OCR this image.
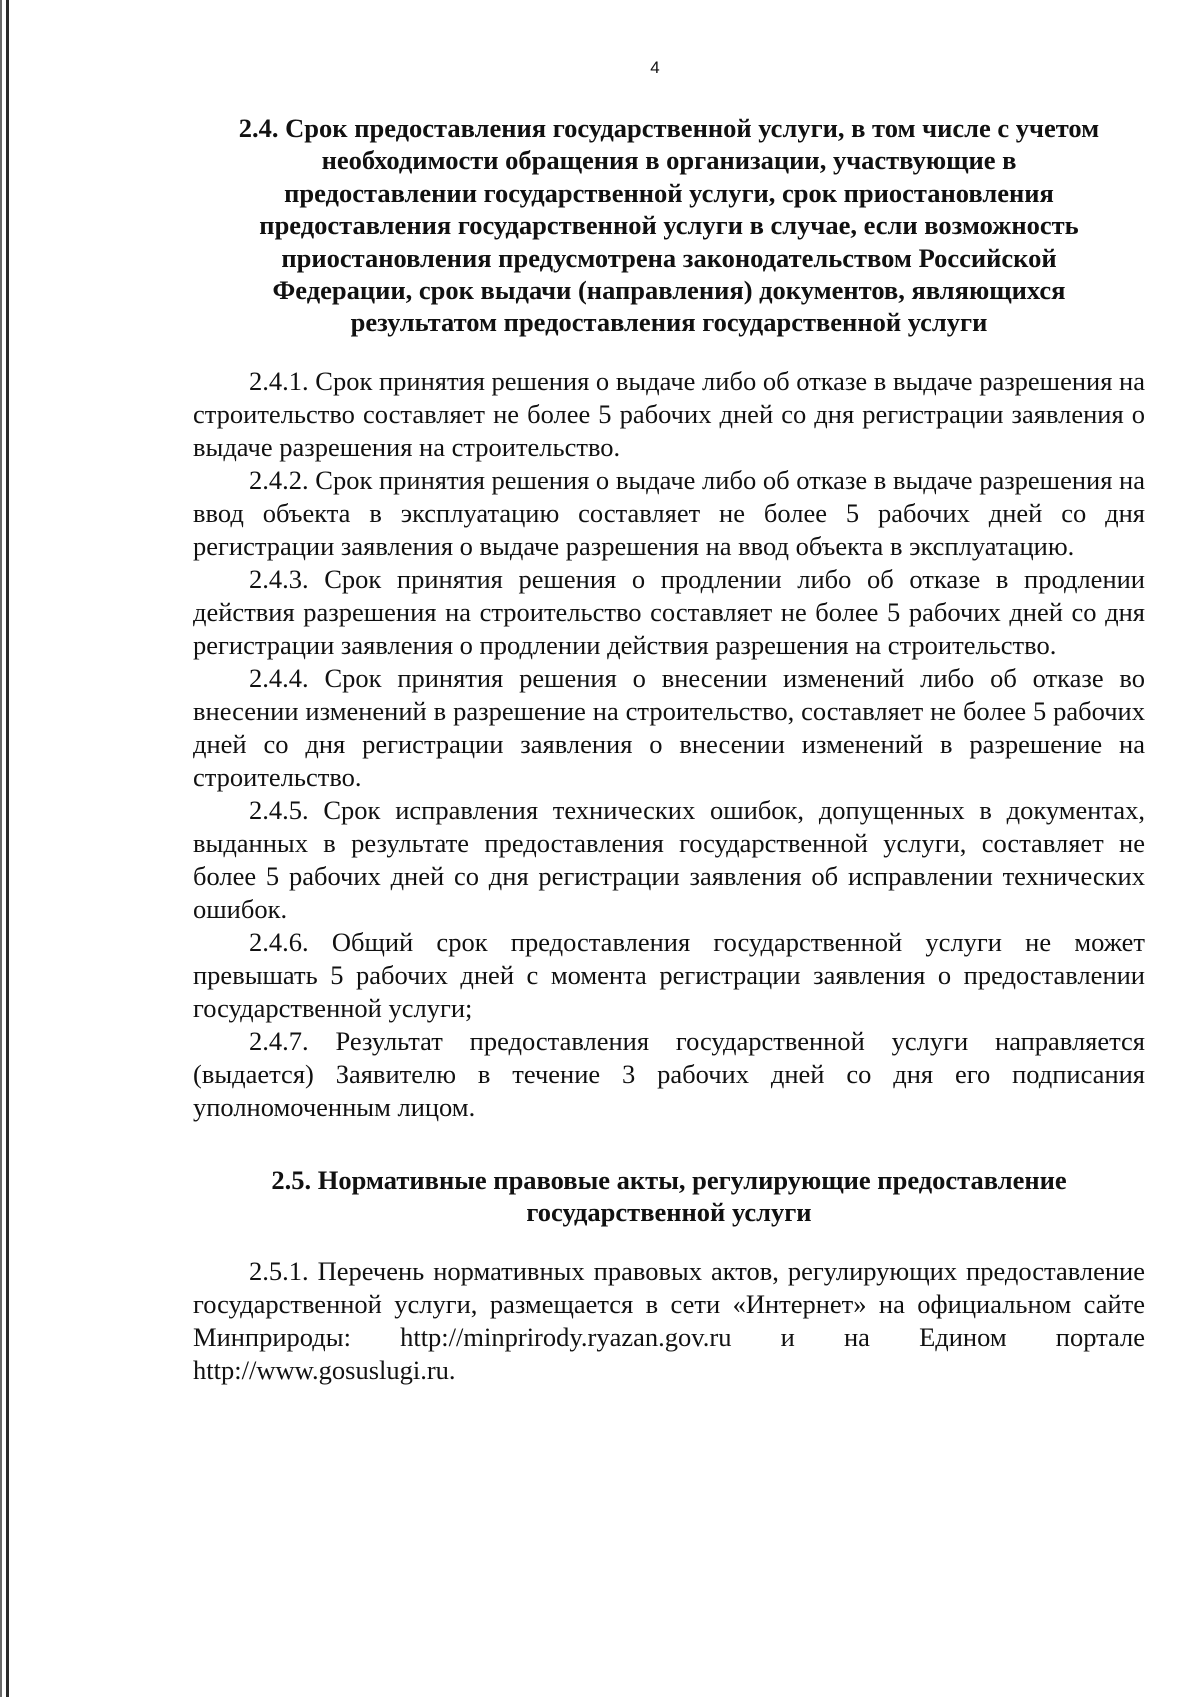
4
2.4. Срок предоставления государственной услуги, в том числе с учетом необходимости обращения в организации, участвующие в предоставлении государственной услуги, срок приостановления предоставления государственной услуги в случае, если возможность приостановления предусмотрена законодательством Российской Федерации, срок выдачи (направления) документов, являющихся результатом предоставления государственной услуги

2.4.1. Срок принятия решения о выдаче либо об отказе в выдаче разрешения на строительство составляет не более 5 рабочих дней со дня регистрации заявления о выдаче разрешения на строительство.

2.4.2. Срок принятия решения о выдаче либо об отказе в выдаче разрешения на ввод объекта в эксплуатацию составляет не более 5 рабочих дней со дня регистрации заявления о выдаче разрешения на ввод объекта в эксплуатацию.

2.4.3. Срок принятия решения о продлении либо об отказе в продлении действия разрешения на строительство составляет не более 5 рабочих дней со дня регистрации заявления о продлении действия разрешения на строительство.

2.4.4. Срок принятия решения о внесении изменений либо об отказе во внесении изменений в разрешение на строительство, составляет не более 5 рабочих дней со дня регистрации заявления о внесении изменений в разрешение на строительство.

2.4.5. Срок исправления технических ошибок, допущенных в документах, выданных в результате предоставления государственной услуги, составляет не более 5 рабочих дней со дня регистрации заявления об исправлении технических ошибок.

2.4.6. Общий срок предоставления государственной услуги не может превышать 5 рабочих дней с момента регистрации заявления о предоставлении государственной услуги;

2.4.7. Результат предоставления государственной услуги направляется (выдается) Заявителю в течение 3 рабочих дней со дня его подписания уполномоченным лицом.

2.5. Нормативные правовые акты, регулирующие предоставление государственной услуги

2.5.1. Перечень нормативных правовых актов, регулирующих предоставление государственной услуги, размещается в сети «Интернет» на официальном сайте Минприроды: http://minprirody.ryazan.gov.ru и на Едином портале http://www.gosuslugi.ru.
